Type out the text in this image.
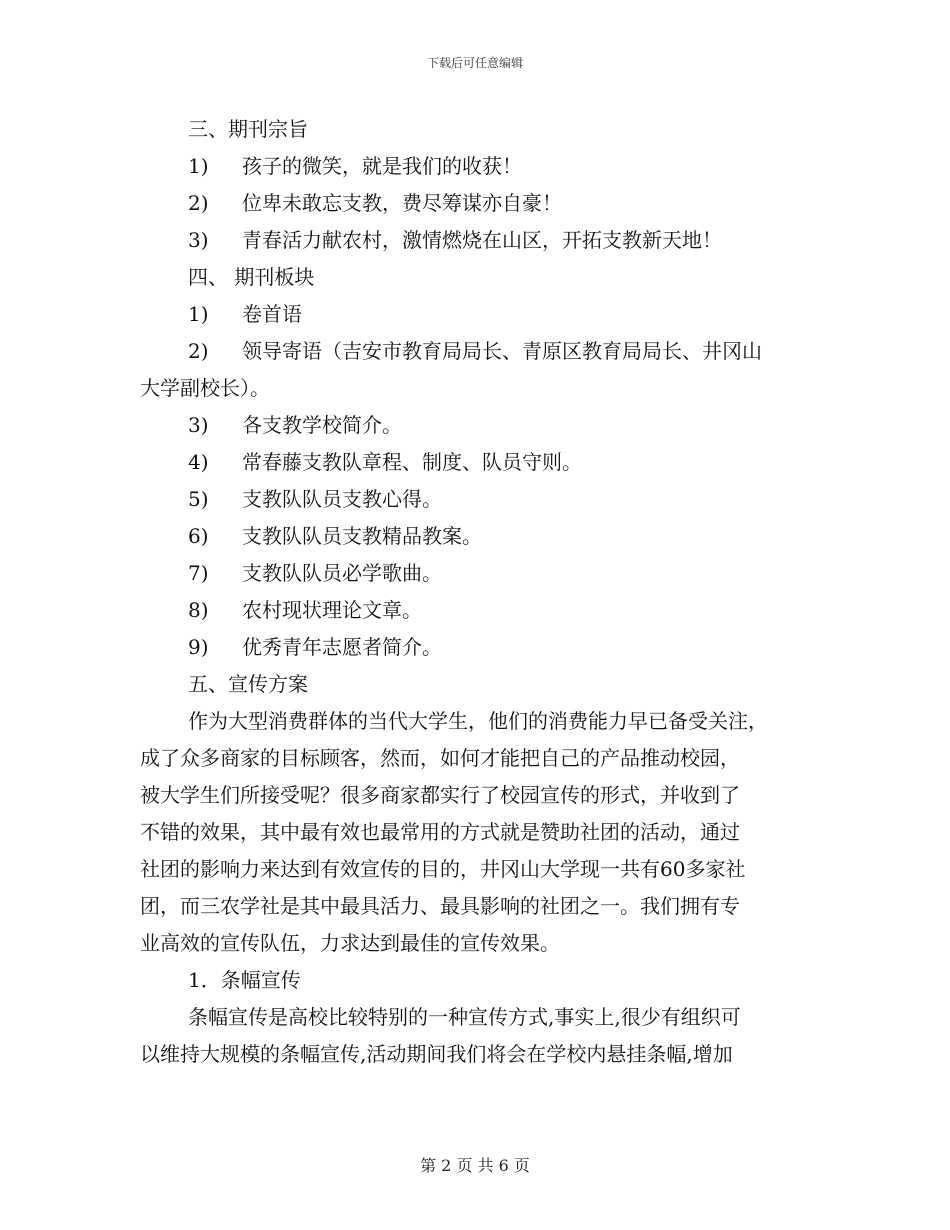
下载后可任意编辑
三、期刊宗旨
1) 孩子的微笑，就是我们的收获！
2) 位卑未敢忘支教，费尽筹谋亦自豪！
3) 青春活力献农村，激情燃烧在山区，开拓支教新天地！
四、 期刊板块
1) 卷首语
2) 领导寄语（吉安市教育局局长、青原区教育局局长、井冈山
大学副校长）。
3) 各支教学校简介。
4) 常春藤支教队章程、制度、队员守则。
5) 支教队队员支教心得。
6) 支教队队员支教精品教案。
7) 支教队队员必学歌曲。
8) 农村现状理论文章。
9) 优秀青年志愿者简介。
五、宣传方案
作为大型消费群体的当代大学生，他们的消费能力早已备受关注，
成了众多商家的目标顾客，然而，如何才能把自己的产品推动校园，
被大学生们所接受呢？很多商家都实行了校园宣传的形式，并收到了
不错的效果，其中最有效也最常用的方式就是赞助社团的活动，通过
社团的影响力来达到有效宣传的目的，井冈山大学现一共有60多家社
团，而三农学社是其中最具活力、最具影响的社团之一。我们拥有专
业高效的宣传队伍，力求达到最佳的宣传效果。
1．条幅宣传
条幅宣传是高校比较特别的一种宣传方式,事实上,很少有组织可
以维持大规模的条幅宣传,活动期间我们将会在学校内悬挂条幅,增加
第 2 页 共 6 页
